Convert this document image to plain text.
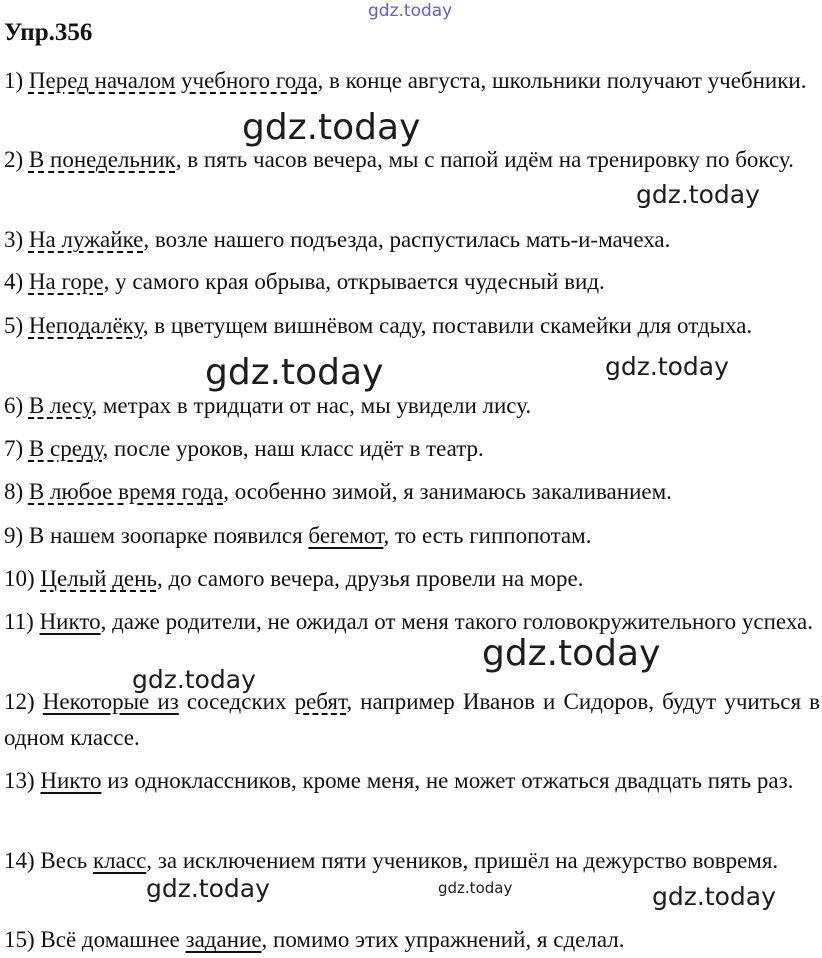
gdz.today

Упр.356

1) Перед началом учебного года, в конце августа, школьники получают учебники.

2) В понедельник, в пять часов вечера, мы с папой идём на тренировку по боксу.

3) На лужайке, возле нашего подъезда, распустилась мать-и-мачеха.

4) На горе, у самого края обрыва, открывается чудесный вид.

5) Неподалёку, в цветущем вишнёвом саду, поставили скамейки для отдыха.

6) В лесу, метрах в тридцати от нас, мы увидели лису.

7) В среду, после уроков, наш класс идёт в театр.

8) В любое время года, особенно зимой, я занимаюсь закаливанием.

9) В нашем зоопарке появился бегемот, то есть гиппопотам.

10) Целый день, до самого вечера, друзья провели на море.

11) Никто, даже родители, не ожидал от меня такого головокружительного успеха.

12) Некоторые из соседских ребят, например Иванов и Сидоров, будут учиться в одном классе.

13) Никто из одноклассников, кроме меня, не может отжаться двадцать пять раз.

14) Весь класс, за исключением пяти учеников, пришёл на дежурство вовремя.

15) Всё домашнее задание, помимо этих упражнений, я сделал.

gdz.today
gdz.today
gdz.today	gdz.today
gdz.today
gdz.today
gdz.today	gdz.today	gdz.today
